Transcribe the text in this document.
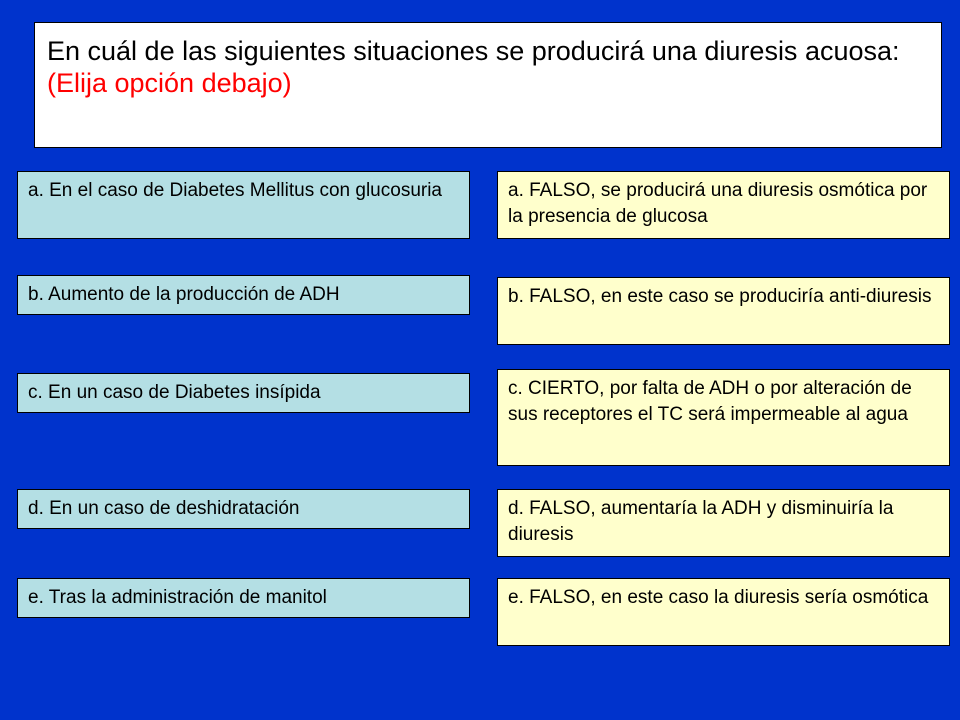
En cuál de las siguientes situaciones se producirá una diuresis acuosa:
(Elija opción debajo)
a. En el caso de Diabetes Mellitus con glucosuria	a. FALSO, se producirá una diuresis osmótica por la presencia de glucosa
b. Aumento de la producción de ADH	b. FALSO, en este caso se produciría anti-diuresis
c. En un caso de Diabetes insípida	c. CIERTO, por falta de ADH o por alteración de sus receptores el TC será impermeable al agua
d. En un caso de deshidratación	d. FALSO, aumentaría la ADH y disminuiría la diuresis
e. Tras la administración de manitol	e. FALSO, en este caso la diuresis sería osmótica
